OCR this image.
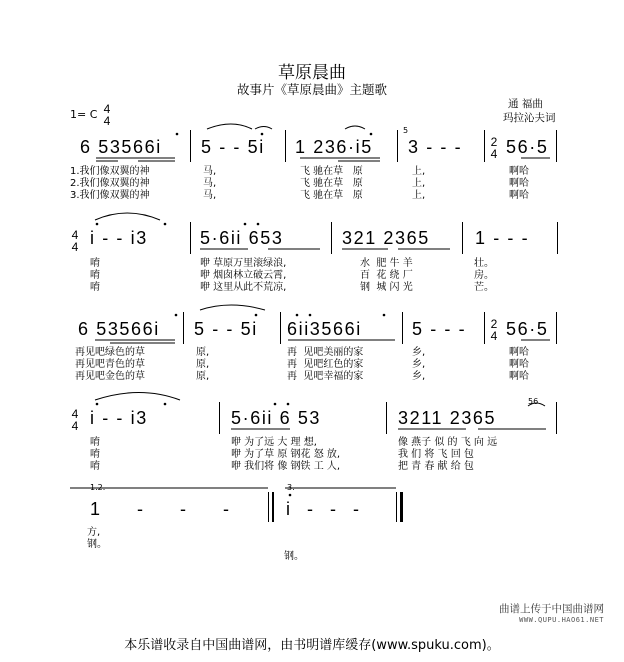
草原晨曲
故事片《草原晨曲》主题歌
通 福曲
玛拉沁夫词
1= C 4
4
6 53566i 5 - - 5i 1 236·i5
5
3 - - - 2
4 56·5
1.我们像双翼的神	马,	飞 驰在草   原	上,	啊哈
2.我们像双翼的神	马,	飞 驰在草   原	上,	啊哈
3.我们像双翼的神	马,	飞 驰在草   原	上,	啊哈
4
4 i - - i3	5·6ii 653	321 2365	1 - - -
唷	咿 草原万里滚绿浪,	水  肥 牛 羊	壮。
唷	咿 烟囱林立破云霄,	百  花 绕 厂	房。
唷	咿 这里从此不荒凉,	钢  城 闪 光	芒。
6 53566i 5 - - 5i 6ii3566i	5 - - - 2
4 56·5
再见吧绿色的草	原,	再  见吧美丽的家	乡,	啊哈
再见吧青色的草	原,	再  见吧红色的家	乡,	啊哈
再见吧金色的草	原,	再  见吧幸福的家	乡,	啊哈
4
4 i - - i3	5·6ii 6 53
56
3211 2365
唷	咿 为了远 大 理 想,	像 燕子 似 的 飞 向 远
唷	咿 为了草 原 钢花 怒 放,	我 们 将 飞 回 包
唷	咿 我们将 像 钢铁 工 人,	把 青 春 献 给 包
1.2.	3.
1 - - - i - - -
方,
钢。
钢。
曲谱上传于中国曲谱网
WWW.QUPU.HAO61.NET
本乐谱收录自中国曲谱网，由书明谱库缓存(www.spuku.com)。
